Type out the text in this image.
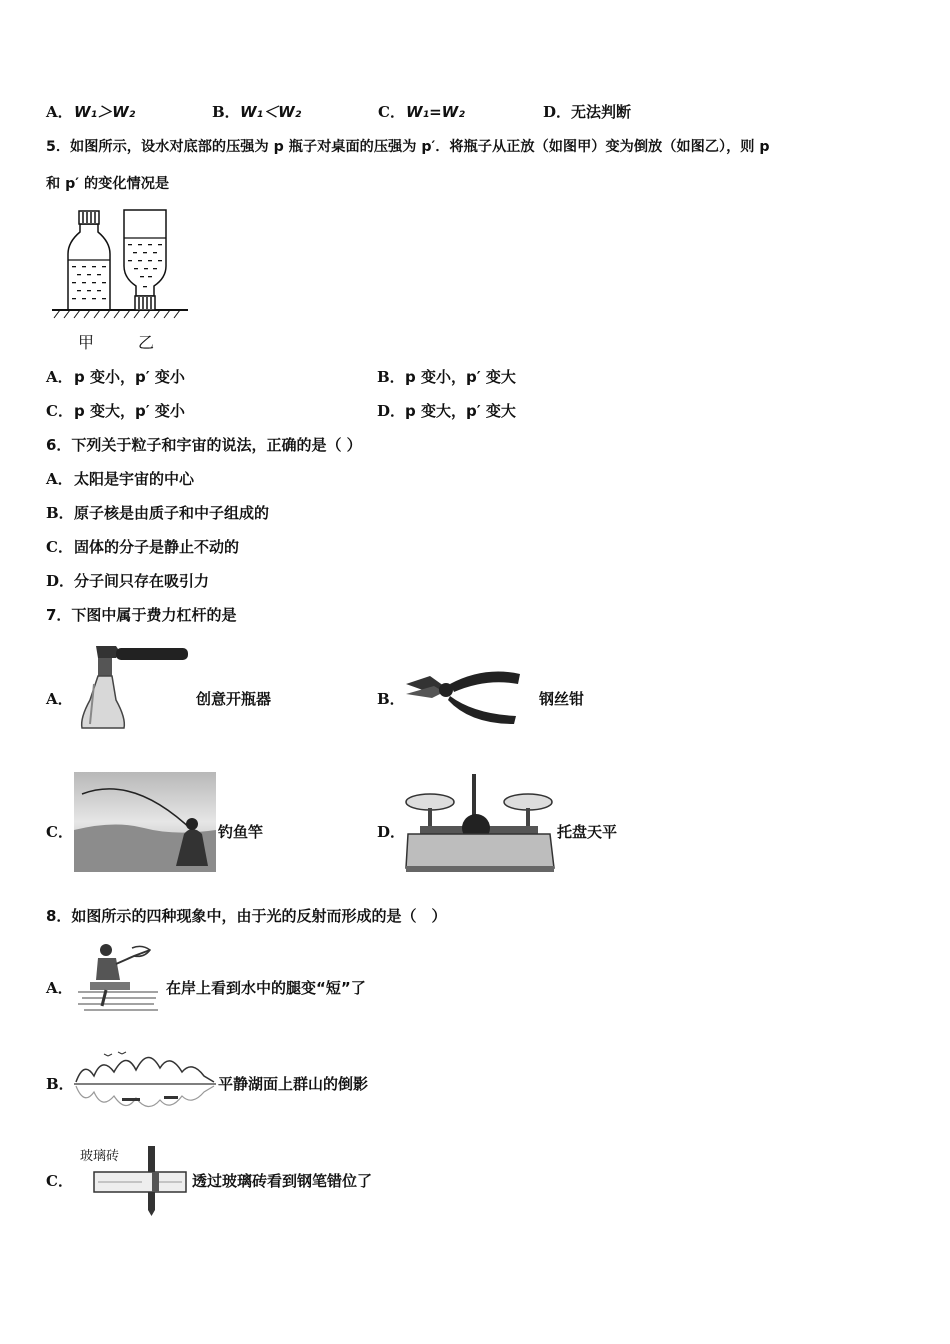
A． W₁＞W₂	B． W₁＜W₂	C． W₁=W₂	D． 无法判断
5．如图所示，设水对底部的压强为 p 瓶子对桌面的压强为 p′．将瓶子从正放（如图甲）变为倒放（如图乙），则 p
和 p′ 的变化情况是
甲	乙
A． p 变小，p′ 变小	B． p 变小，p′ 变大
C． p 变大，p′ 变小	D． p 变大，p′ 变大
6．下列关于粒子和宇宙的说法，正确的是（ ）
A． 太阳是宇宙的中心
B． 原子核是由质子和中子组成的
C． 固体的分子是静止不动的
D． 分子间只存在吸引力
7．下图中属于费力杠杆的是
A．	创意开瓶器	B．	钢丝钳
C．	钓鱼竿	D．	托盘天平
8．如图所示的四种现象中，由于光的反射而形成的是（　）
A．	在岸上看到水中的腿变“短”了
B．	平静湖面上群山的倒影
C．
玻璃砖
透过玻璃砖看到钢笔错位了
